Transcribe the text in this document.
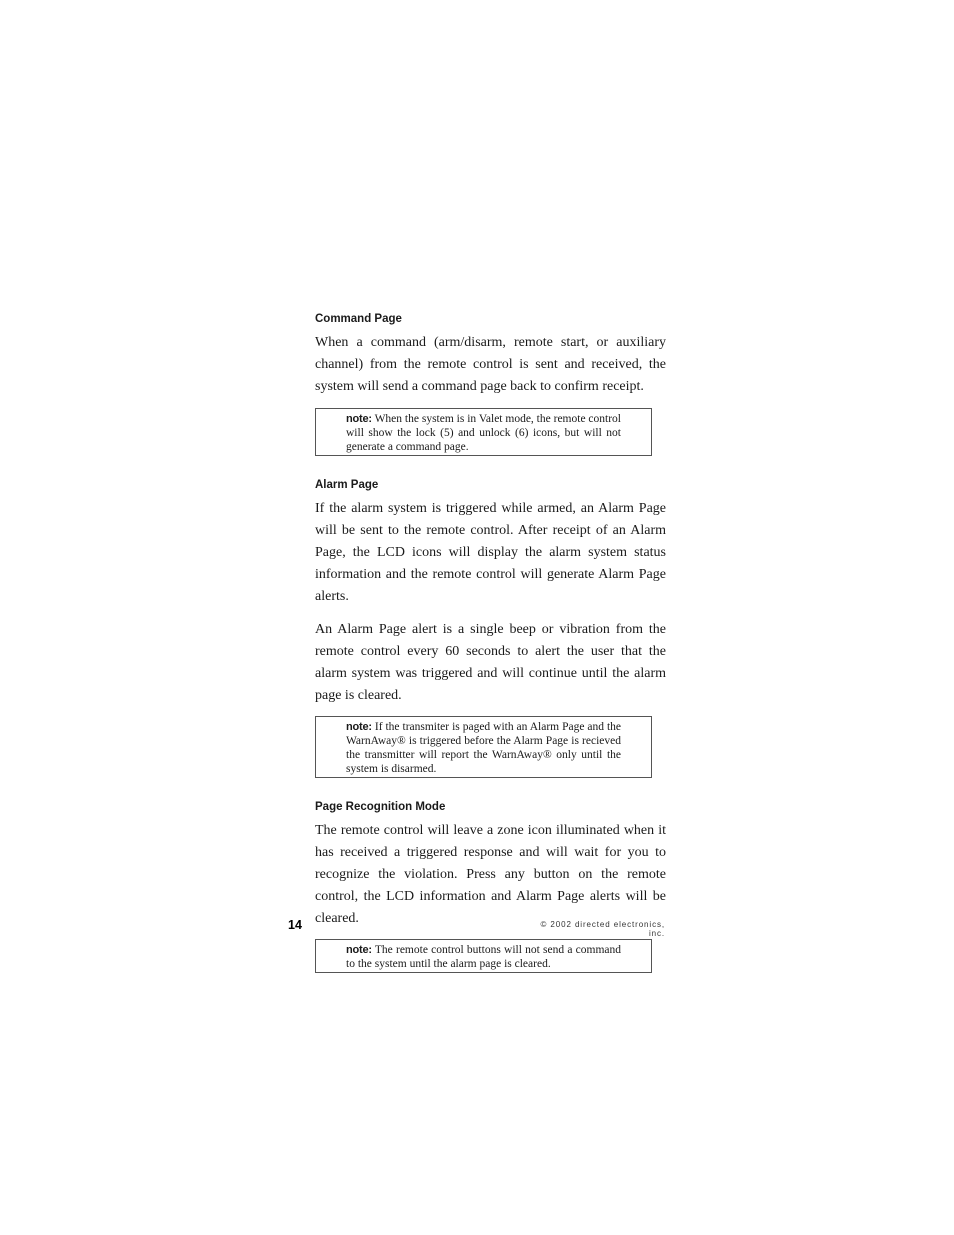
Command Page

When a command (arm/disarm, remote start, or auxiliary channel) from the remote control is sent and received, the system will send a command page back to confirm receipt.

note: When the system is in Valet mode, the remote control will show the lock (5) and unlock (6) icons, but will not generate a command page.

Alarm Page

If the alarm system is triggered while armed, an Alarm Page will be sent to the remote control. After receipt of an Alarm Page, the LCD icons will display the alarm system status information and the remote control will generate Alarm Page alerts.

An Alarm Page alert is a single beep or vibration from the remote control every 60 seconds to alert the user that the alarm system was triggered and will continue until the alarm page is cleared.

note: If the transmiter is paged with an Alarm Page and the WarnAway® is triggered before the Alarm Page is recieved the transmitter will report the WarnAway® only until the system is disarmed.

Page Recognition Mode

The remote control will leave a zone icon illuminated when it has received a triggered response and will wait for you to recognize the violation. Press any button on the remote control, the LCD information and Alarm Page alerts will be cleared.

note: The remote control buttons will not send a command to the system until the alarm page is cleared.

14	© 2002 directed electronics, inc.
